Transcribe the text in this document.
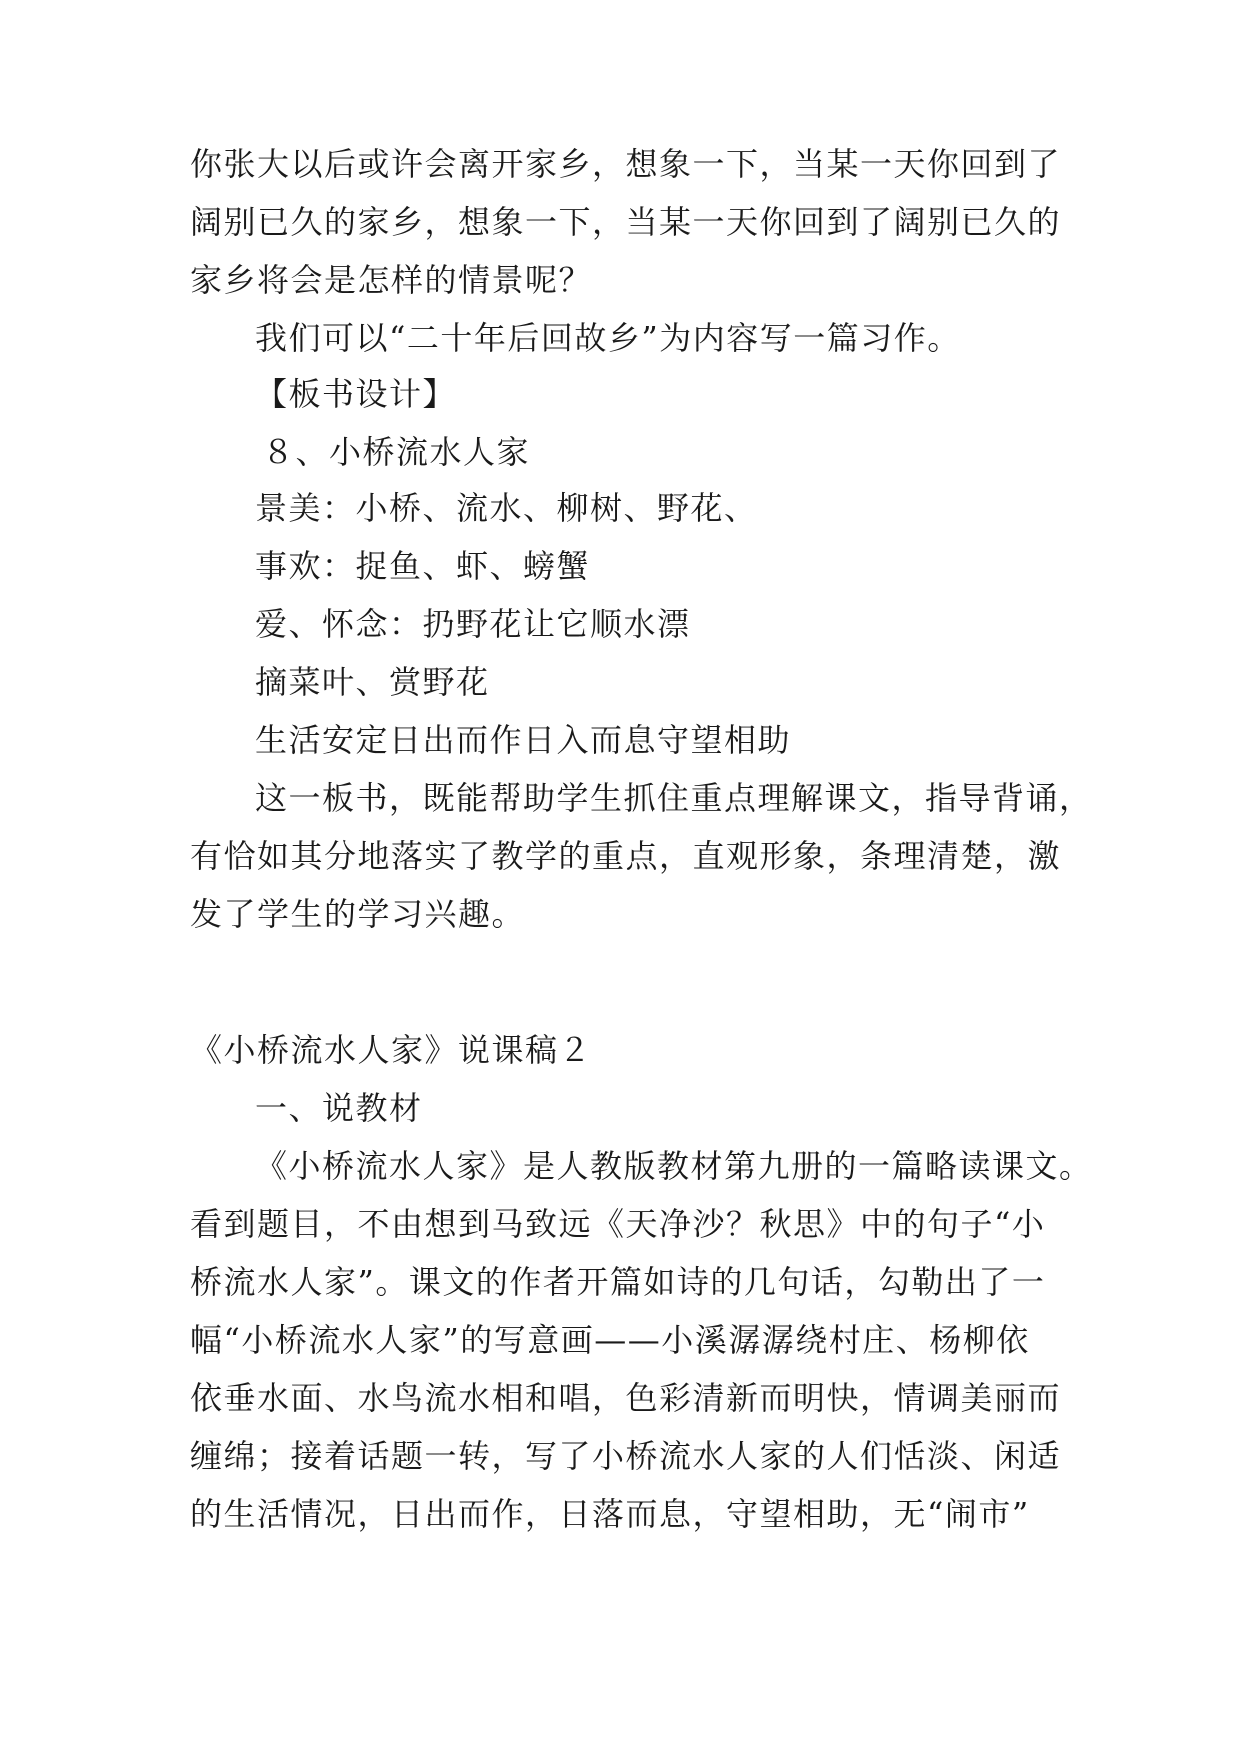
你张大以后或许会离开家乡，想象一下，当某一天你回到了
阔别已久的家乡，想象一下，当某一天你回到了阔别已久的
家乡将会是怎样的情景呢？
我们可以“二十年后回故乡”为内容写一篇习作。
【板书设计】
８、小桥流水人家
景美：小桥、流水、柳树、野花、
事欢：捉鱼、虾、螃蟹
爱、怀念：扔野花让它顺水漂
摘菜叶、赏野花
生活安定日出而作日入而息守望相助
这一板书，既能帮助学生抓住重点理解课文，指导背诵，
有恰如其分地落实了教学的重点，直观形象，条理清楚，激
发了学生的学习兴趣。
《小桥流水人家》说课稿２
一、说教材
《小桥流水人家》是人教版教材第九册的一篇略读课文。
看到题目，不由想到马致远《天净沙？秋思》中的句子“小
桥流水人家”。课文的作者开篇如诗的几句话，勾勒出了一
幅“小桥流水人家”的写意画——小溪潺潺绕村庄、杨柳依
依垂水面、水鸟流水相和唱，色彩清新而明快，情调美丽而
缠绵；接着话题一转，写了小桥流水人家的人们恬淡、闲适
的生活情况，日出而作，日落而息，守望相助，无“闹市”
